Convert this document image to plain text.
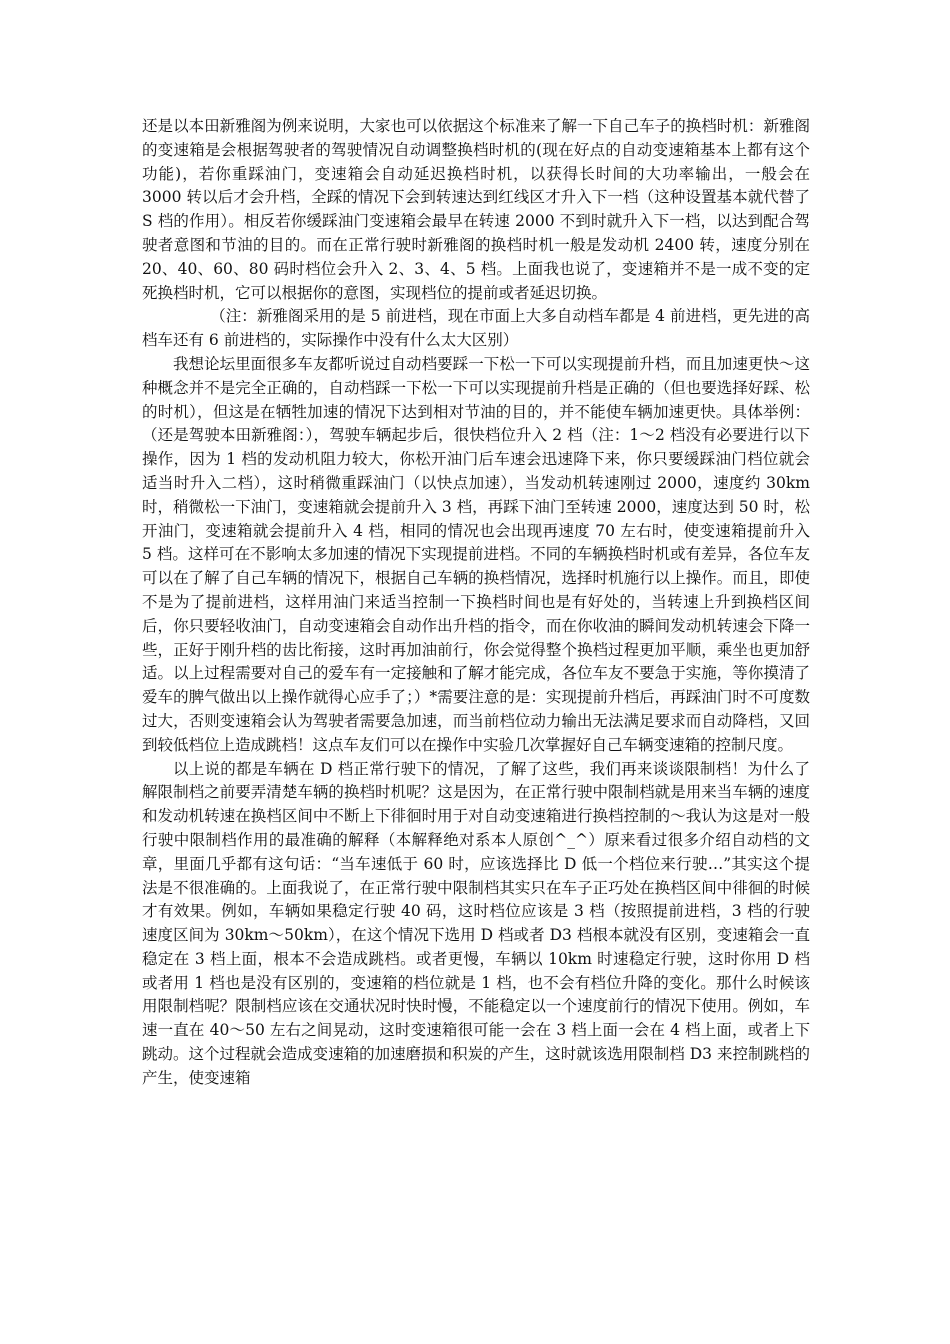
还是以本田新雅阁为例来说明，大家也可以依据这个标准来了解一下自己车子的换档时机：新雅阁的变速箱是会根据驾驶者的驾驶情况自动调整换档时机的(现在好点的自动变速箱基本上都有这个功能)，若你重踩油门，变速箱会自动延迟换档时机，以获得长时间的大功率输出，一般会在 3000 转以后才会升档，全踩的情况下会到转速达到红线区才升入下一档（这种设置基本就代替了 S 档的作用）。相反若你缓踩油门变速箱会最早在转速 2000 不到时就升入下一档，以达到配合驾驶者意图和节油的目的。而在正常行驶时新雅阁的换档时机一般是发动机 2400 转，速度分别在 20、40、60、80 码时档位会升入 2、3、4、5 档。上面我也说了，变速箱并不是一成不变的定死换档时机，它可以根据你的意图，实现档位的提前或者延迟切换。

（注：新雅阁采用的是 5 前进档，现在市面上大多自动档车都是 4 前进档，更先进的高档车还有 6 前进档的，实际操作中没有什么太大区别）

我想论坛里面很多车友都听说过自动档要踩一下松一下可以实现提前升档，而且加速更快～这种概念并不是完全正确的，自动档踩一下松一下可以实现提前升档是正确的（但也要选择好踩、松的时机），但这是在牺牲加速的情况下达到相对节油的目的，并不能使车辆加速更快。具体举例：（还是驾驶本田新雅阁：），驾驶车辆起步后，很快档位升入 2 档（注：1～2 档没有必要进行以下操作，因为 1 档的发动机阻力较大，你松开油门后车速会迅速降下来，你只要缓踩油门档位就会适当时升入二档），这时稍微重踩油门（以快点加速），当发动机转速刚过 2000，速度约 30km 时，稍微松一下油门，变速箱就会提前升入 3 档，再踩下油门至转速 2000，速度达到 50 时，松开油门，变速箱就会提前升入 4 档，相同的情况也会出现再速度 70 左右时，使变速箱提前升入 5 档。这样可在不影响太多加速的情况下实现提前进档。不同的车辆换档时机或有差异，各位车友可以在了解了自己车辆的情况下，根据自己车辆的换档情况，选择时机施行以上操作。而且，即使不是为了提前进档，这样用油门来适当控制一下换档时间也是有好处的，当转速上升到换档区间后，你只要轻收油门，自动变速箱会自动作出升档的指令，而在你收油的瞬间发动机转速会下降一些，正好于刚升档的齿比衔接，这时再加油前行，你会觉得整个换档过程更加平顺，乘坐也更加舒适。以上过程需要对自己的爱车有一定接触和了解才能完成，各位车友不要急于实施，等你摸清了爱车的脾气做出以上操作就得心应手了；）*需要注意的是：实现提前升档后，再踩油门时不可度数过大，否则变速箱会认为驾驶者需要急加速，而当前档位动力输出无法满足要求而自动降档，又回到较低档位上造成跳档！这点车友们可以在操作中实验几次掌握好自己车辆变速箱的控制尺度。

以上说的都是车辆在 D 档正常行驶下的情况，了解了这些，我们再来谈谈限制档！为什么了解限制档之前要弄清楚车辆的换档时机呢？这是因为，在正常行驶中限制档就是用来当车辆的速度和发动机转速在换档区间中不断上下徘徊时用于对自动变速箱进行换档控制的～我认为这是对一般行驶中限制档作用的最准确的解释（本解释绝对系本人原创^_^）原来看过很多介绍自动档的文章，里面几乎都有这句话：“当车速低于 60 时，应该选择比 D 低一个档位来行驶…”其实这个提法是不很准确的。上面我说了，在正常行驶中限制档其实只在车子正巧处在换档区间中徘徊的时候才有效果。例如，车辆如果稳定行驶 40 码，这时档位应该是 3 档（按照提前进档，3 档的行驶速度区间为 30km～50km），在这个情况下选用 D 档或者 D3 档根本就没有区别，变速箱会一直稳定在 3 档上面，根本不会造成跳档。或者更慢，车辆以 10km 时速稳定行驶，这时你用 D 档或者用 1 档也是没有区别的，变速箱的档位就是 1 档，也不会有档位升降的变化。那什么时候该用限制档呢？限制档应该在交通状况时快时慢，不能稳定以一个速度前行的情况下使用。例如，车速一直在 40～50 左右之间晃动，这时变速箱很可能一会在 3 档上面一会在 4 档上面，或者上下跳动。这个过程就会造成变速箱的加速磨损和积炭的产生，这时就该选用限制档 D3 来控制跳档的产生，使变速箱
